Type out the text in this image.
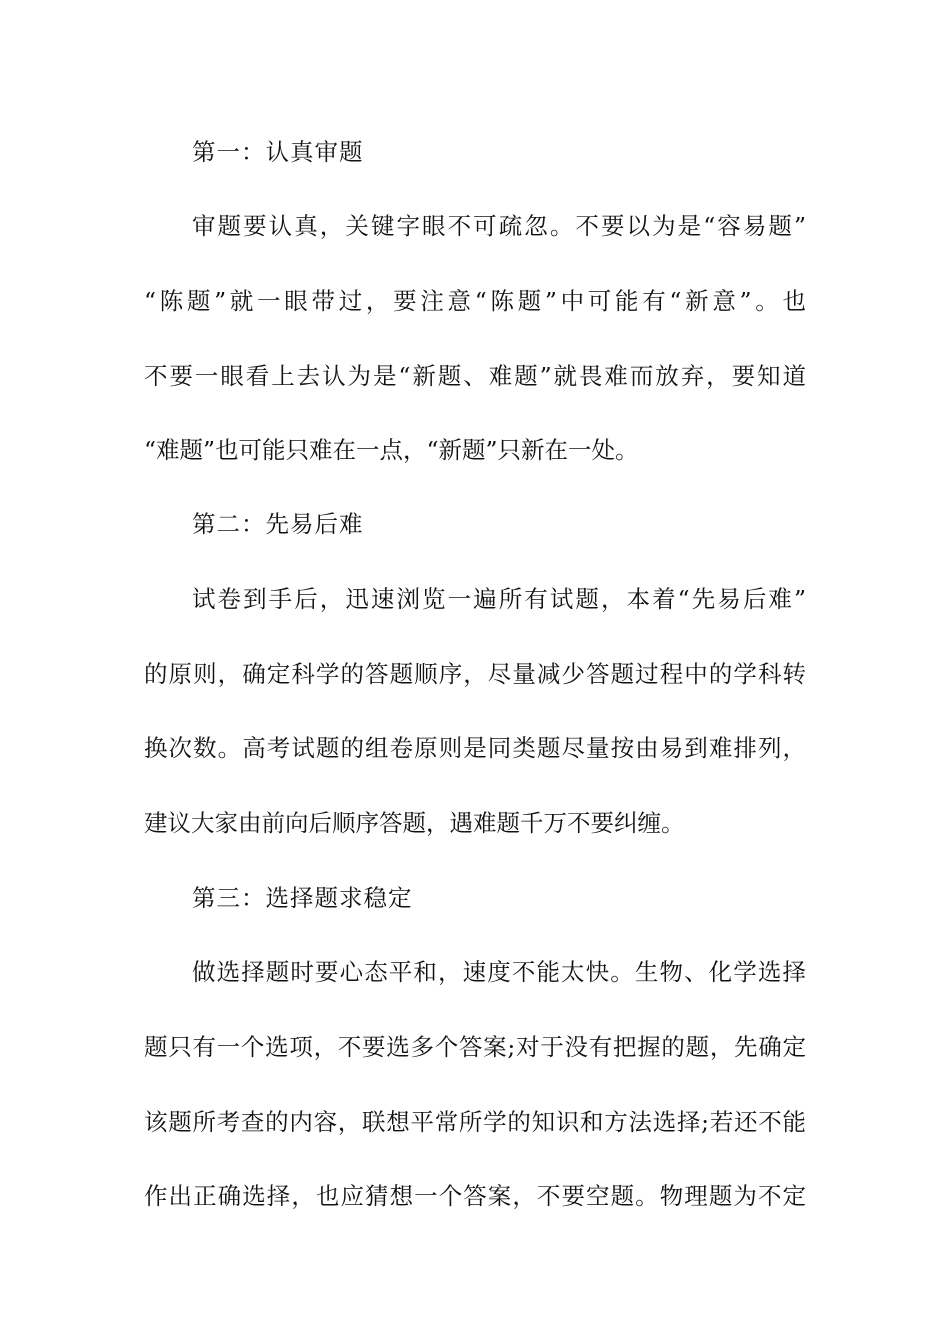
第一：认真审题
审题要认真，关键字眼不可疏忽。不要以为是“容易题”
“陈题”就一眼带过，要注意“陈题”中可能有“新意”。也
不要一眼看上去认为是“新题、难题”就畏难而放弃，要知道
“难题”也可能只难在一点，“新题”只新在一处。
第二：先易后难
试卷到手后，迅速浏览一遍所有试题，本着“先易后难”
的原则，确定科学的答题顺序，尽量减少答题过程中的学科转
换次数。高考试题的组卷原则是同类题尽量按由易到难排列，
建议大家由前向后顺序答题，遇难题千万不要纠缠。
第三：选择题求稳定
做选择题时要心态平和，速度不能太快。生物、化学选择
题只有一个选项，不要选多个答案;对于没有把握的题，先确定
该题所考查的内容，联想平常所学的知识和方法选择;若还不能
作出正确选择，也应猜想一个答案，不要空题。物理题为不定
